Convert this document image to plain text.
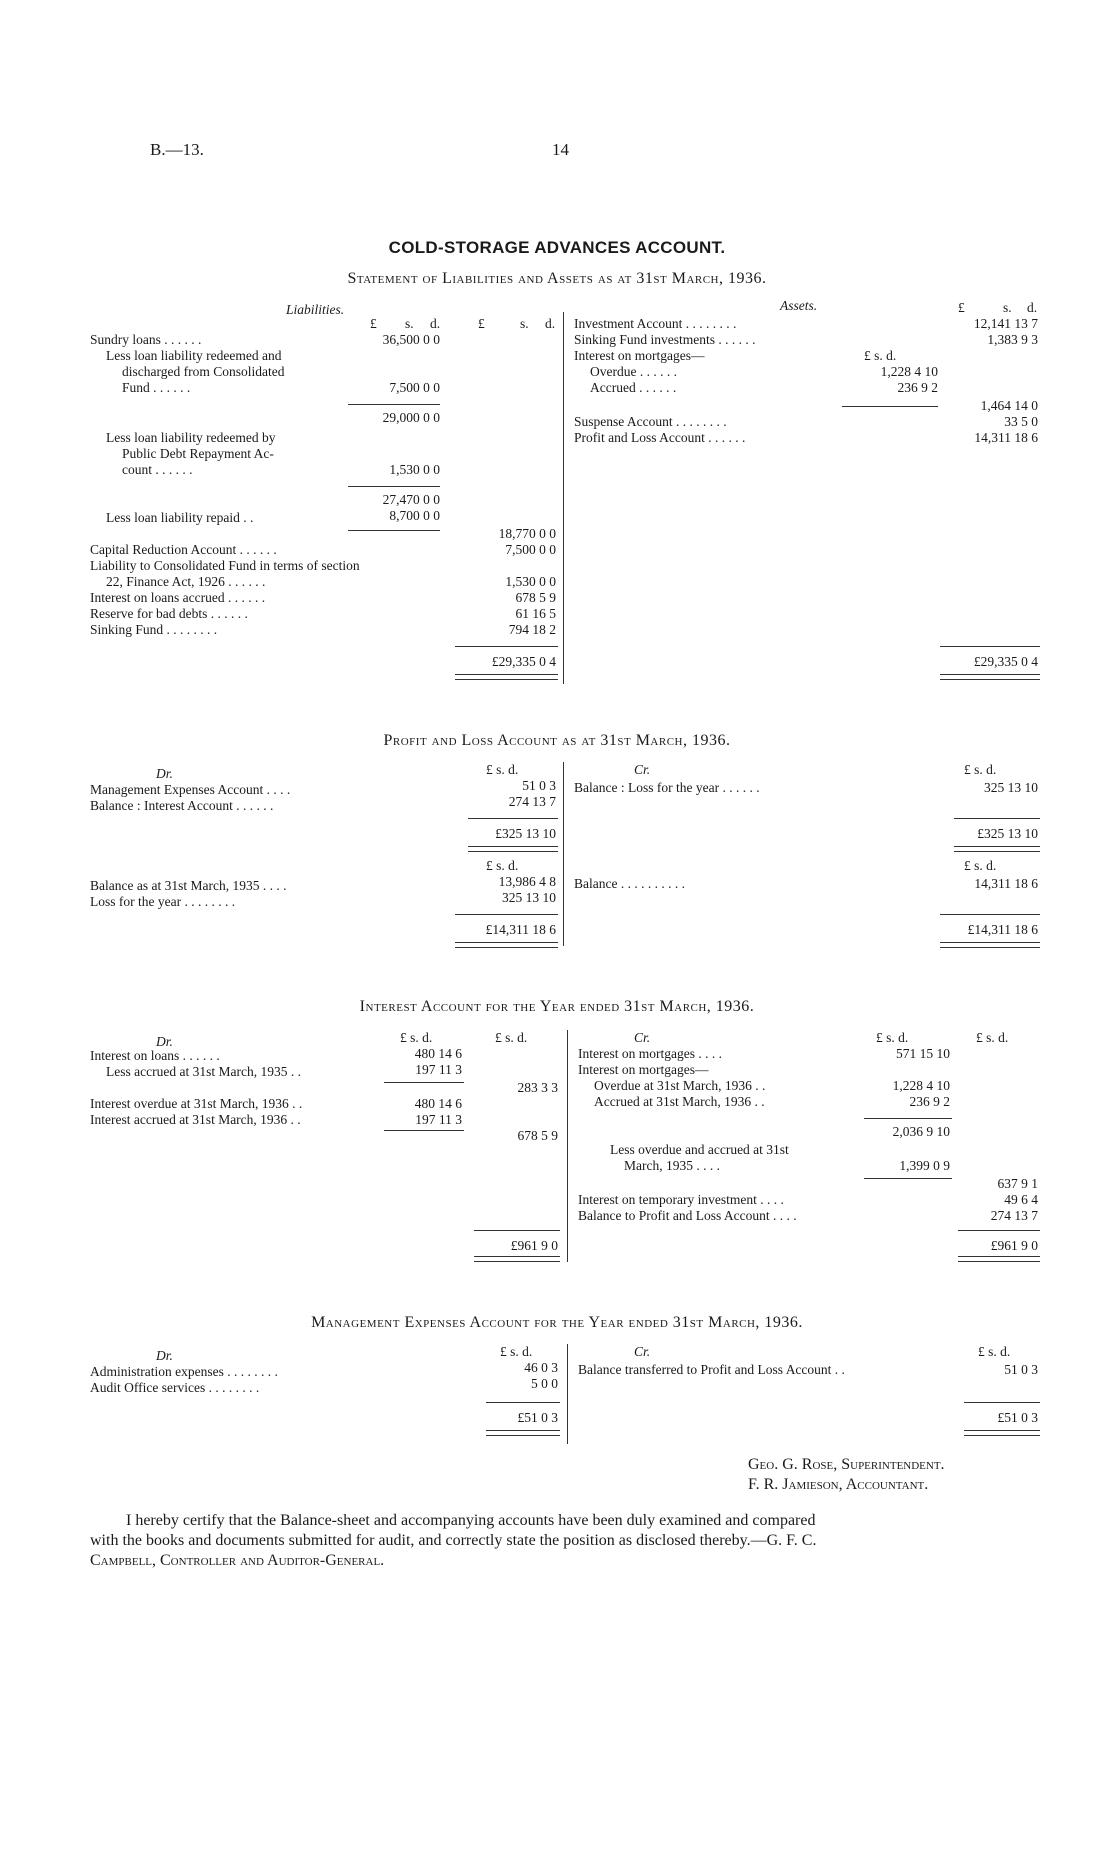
B.—13.	14
COLD-STORAGE ADVANCES ACCOUNT.
Statement of Liabilities and Assets as at 31st March, 1936.
Liabilities.	Assets.
£ s. d.	£	s. d.
£	s. d.
Sundry loans . . . . . .	36,500 0 0
Less loan liability redeemed and
discharged from Consolidated
Fund . . . . . .	7,500 0 0
29,000 0 0
Less loan liability redeemed by
Public Debt Repayment Ac-
count . . . . . .	1,530 0 0
27,470 0 0
Less loan liability repaid . .	8,700 0 0
18,770 0 0
Capital Reduction Account . . . . . .	7,500 0 0
Liability to Consolidated Fund in terms of section
22, Finance Act, 1926 . . . . . .	1,530 0 0
Interest on loans accrued . . . . . .	678 5 9
Reserve for bad debts . . . . . .	61 16 5
Sinking Fund . . . . . . . .	794 18 2
£29,335 0 4
Investment Account . . . . . . . .	12,141 13 7
Sinking Fund investments . . . . . .	1,383 9 3
Interest on mortgages—	£ s. d.
Overdue . . . . . .	1,228 4 10
Accrued . . . . . .	236 9 2
1,464 14 0
Suspense Account . . . . . . . .	33 5 0
Profit and Loss Account . . . . . .	14,311 18 6
£29,335 0 4
Profit and Loss Account as at 31st March, 1936.
Dr.	Cr.
£ s. d.	£ s. d.
Management Expenses Account . . . .	51 0 3
Balance : Interest Account . . . . . .	274 13 7
£325 13 10
Balance : Loss for the year . . . . . .	325 13 10
£325 13 10
£ s. d.	£ s. d.
Balance as at 31st March, 1935 . . . .	13,986 4 8
Loss for the year . . . . . . . .	325 13 10
£14,311 18 6
Balance . . . . . . . . . .	14,311 18 6
£14,311 18 6
Interest Account for the Year ended 31st March, 1936.
Dr.	Cr.
£ s. d.	£ s. d.	£ s. d.	£ s. d.
Interest on loans . . . . . .	480 14 6
Less accrued at 31st March, 1935 . .	197 11 3
283 3 3
Interest overdue at 31st March, 1936 . .	480 14 6
Interest accrued at 31st March, 1936 . .	197 11 3
678 5 9
£961 9 0
Interest on mortgages . . . .	571 15 10
Interest on mortgages—
Overdue at 31st March, 1936 . .	1,228 4 10
Accrued at 31st March, 1936 . .	236 9 2
2,036 9 10
Less overdue and accrued at 31st
March, 1935 . . . .	1,399 0 9
637 9 1
Interest on temporary investment . . . .	49 6 4
Balance to Profit and Loss Account . . . .	274 13 7
£961 9 0
Management Expenses Account for the Year ended 31st March, 1936.
Dr.	Cr.
£ s. d.	£ s. d.
Administration expenses . . . . . . . .	46 0 3
Audit Office services . . . . . . . .	5 0 0
£51 0 3
Balance transferred to Profit and Loss Account . .	51 0 3
£51 0 3
Geo. G. Rose, Superintendent.
F. R. Jamieson, Accountant.
I hereby certify that the Balance-sheet and accompanying accounts have been duly examined and compared
with the books and documents submitted for audit, and correctly state the position as disclosed thereby.—G. F. C.
Campbell, Controller and Auditor-General.
